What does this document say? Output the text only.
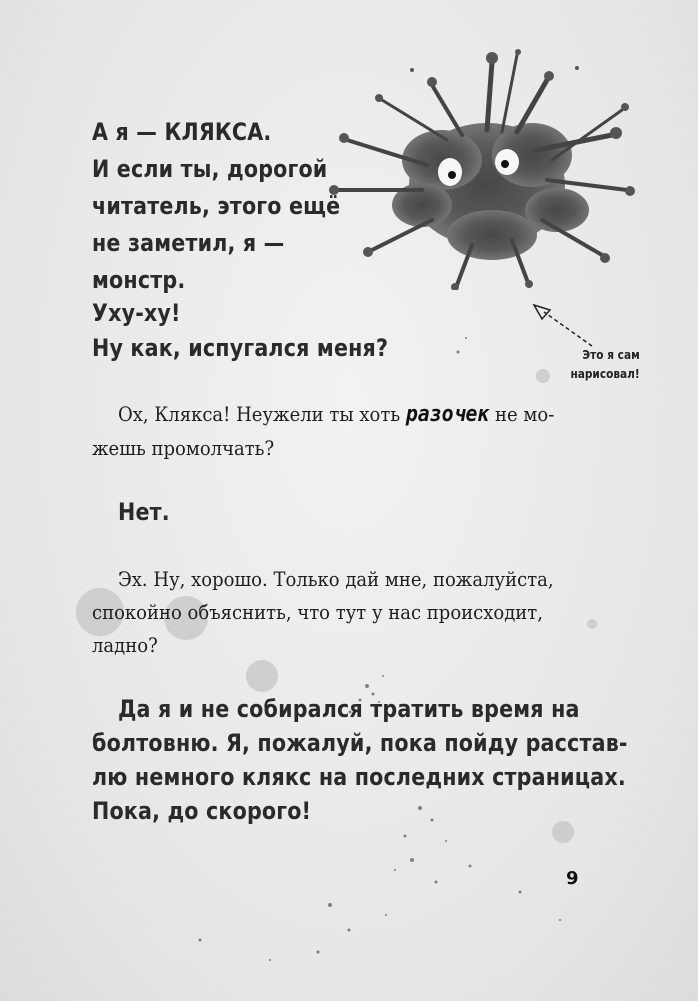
А я — КЛЯКСА.
И если ты, дорогой
читатель, этого ещё
не заметил, я —
монстр.
Ухy-хy!
Ну как, испугался меня?	Это я сам
нарисовал!
Ох, Клякса! Неужели ты хоть разочек не мо-
жешь промолчать?
Нет.
Эх. Ну, хорошо. Только дай мне, пожалуйста,
спокойно объяснить, что тут у нас происходит,
ладно?
Да я и не собирался тратить время на
болтовню. Я, пожалуй, пока пойду расстав-
лю немного клякс на последних страницах.
Пока, до скорого!
9
